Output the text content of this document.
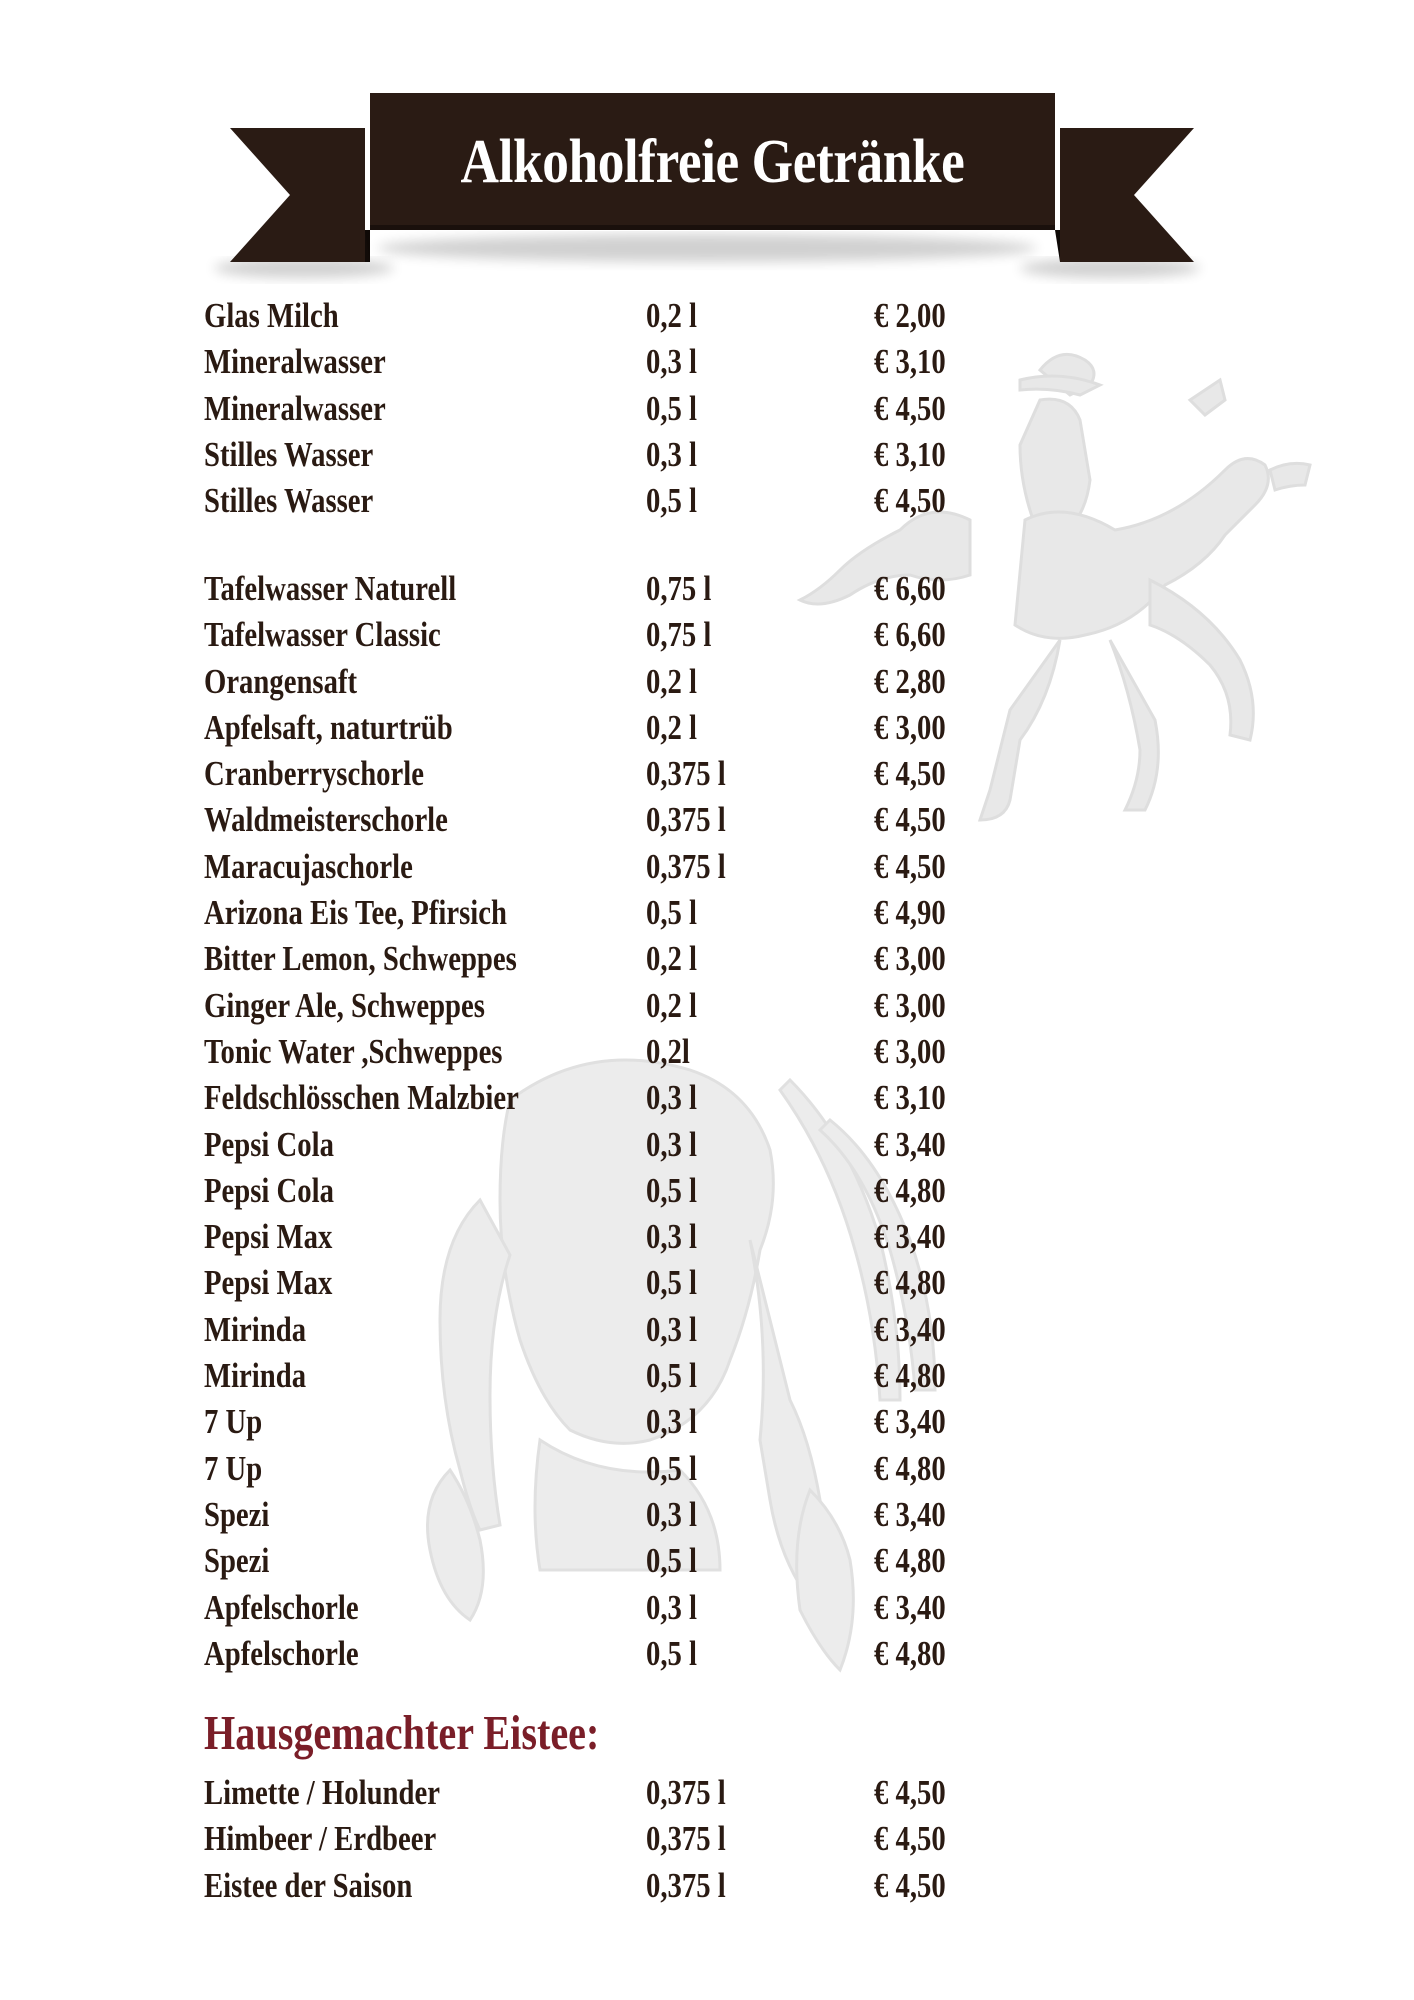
Alkoholfreie Getränke
Glas Milch	0,2 l	€ 2,00
Mineralwasser	0,3 l	€ 3,10
Mineralwasser	0,5 l	€ 4,50
Stilles Wasser	0,3 l	€ 3,10
Stilles Wasser	0,5 l	€ 4,50
Tafelwasser Naturell	0,75 l	€ 6,60
Tafelwasser Classic	0,75 l	€ 6,60
Orangensaft	0,2 l	€ 2,80
Apfelsaft, naturtrüb	0,2 l	€ 3,00
Cranberryschorle	0,375 l	€ 4,50
Waldmeisterschorle	0,375 l	€ 4,50
Maracujaschorle	0,375 l	€ 4,50
Arizona Eis Tee, Pfirsich	0,5 l	€ 4,90
Bitter Lemon, Schweppes	0,2 l	€ 3,00
Ginger Ale, Schweppes	0,2 l	€ 3,00
Tonic Water ,Schweppes	0,2l	€ 3,00
Feldschlösschen Malzbier	0,3 l	€ 3,10
Pepsi Cola	0,3 l	€ 3,40
Pepsi Cola	0,5 l	€ 4,80
Pepsi Max	0,3 l	€ 3,40
Pepsi Max	0,5 l	€ 4,80
Mirinda	0,3 l	€ 3,40
Mirinda	0,5 l	€ 4,80
7 Up	0,3 l	€ 3,40
7 Up	0,5 l	€ 4,80
Spezi	0,3 l	€ 3,40
Spezi	0,5 l	€ 4,80
Apfelschorle	0,3 l	€ 3,40
Apfelschorle	0,5 l	€ 4,80
Hausgemachter Eistee:
Limette / Holunder	0,375 l	€ 4,50
Himbeer / Erdbeer	0,375 l	€ 4,50
Eistee der Saison	0,375 l	€ 4,50
